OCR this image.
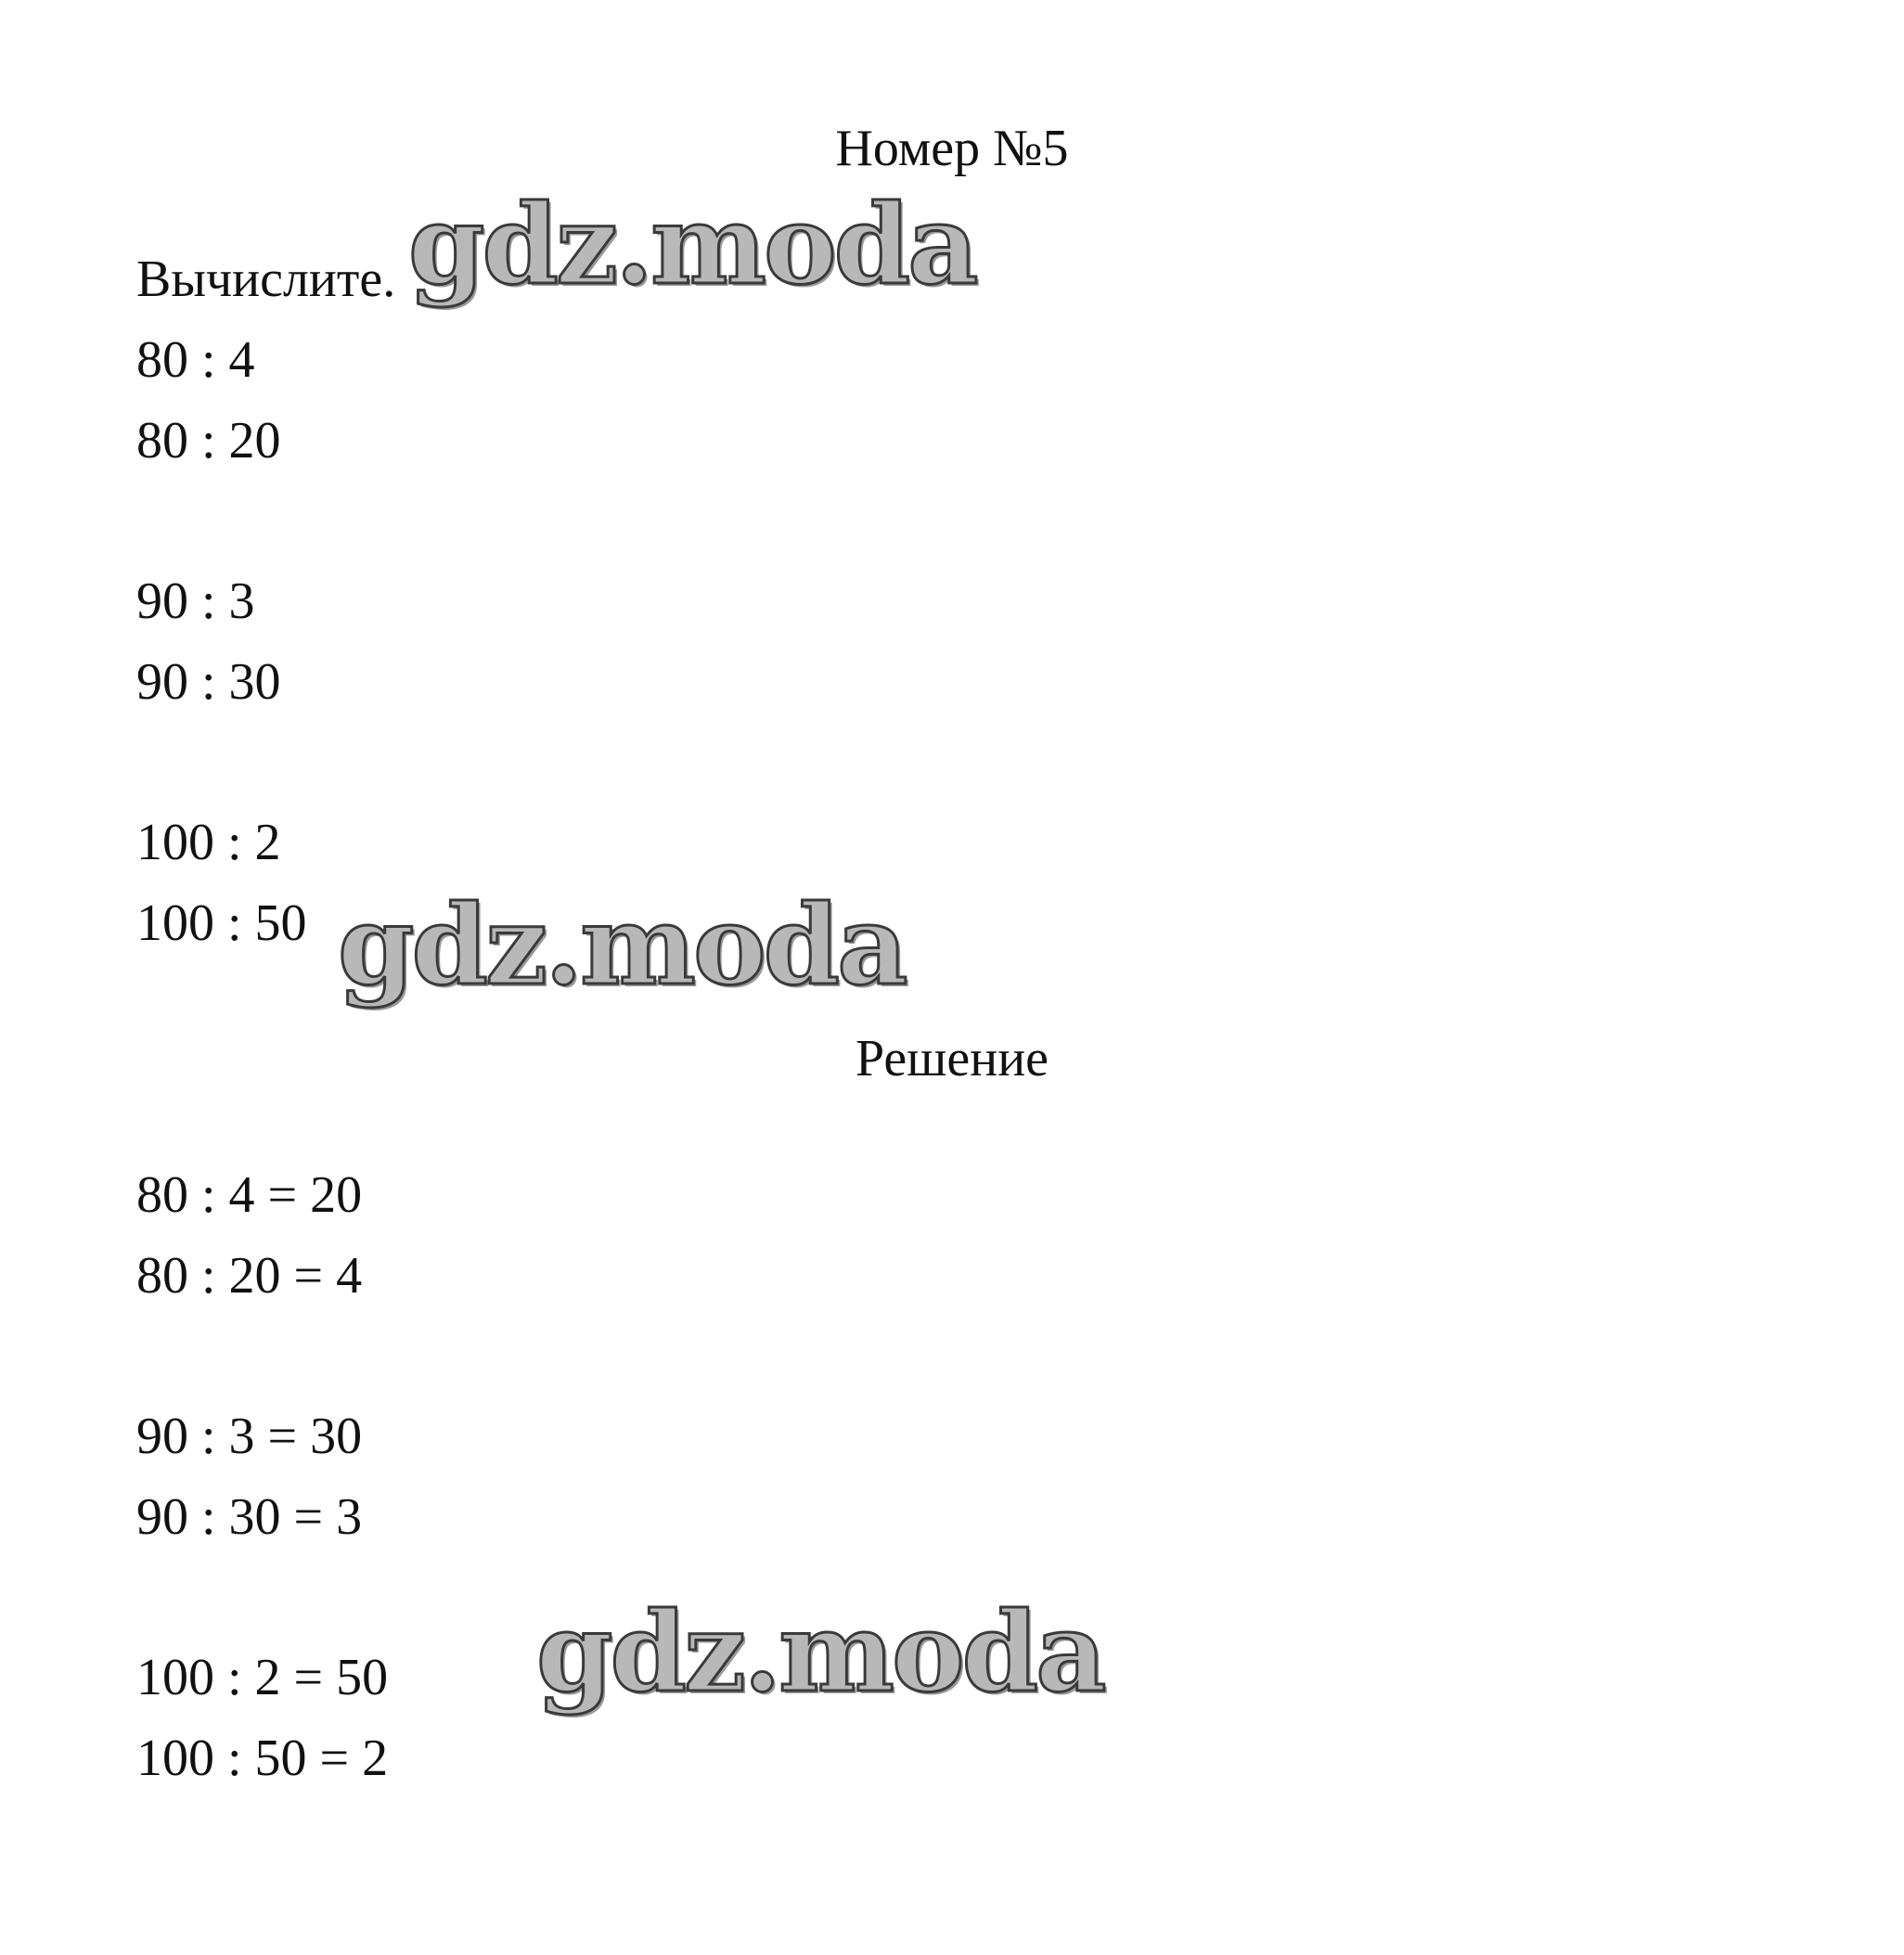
Номер №5
Вычислите.
80 : 4
80 : 20
90 : 3
90 : 30
100 : 2
100 : 50
Решение
80 : 4 = 20
80 : 20 = 4
90 : 3 = 30
90 : 30 = 3
100 : 2 = 50
100 : 50 = 2
gdz.moda
gdz.moda
gdz.moda
